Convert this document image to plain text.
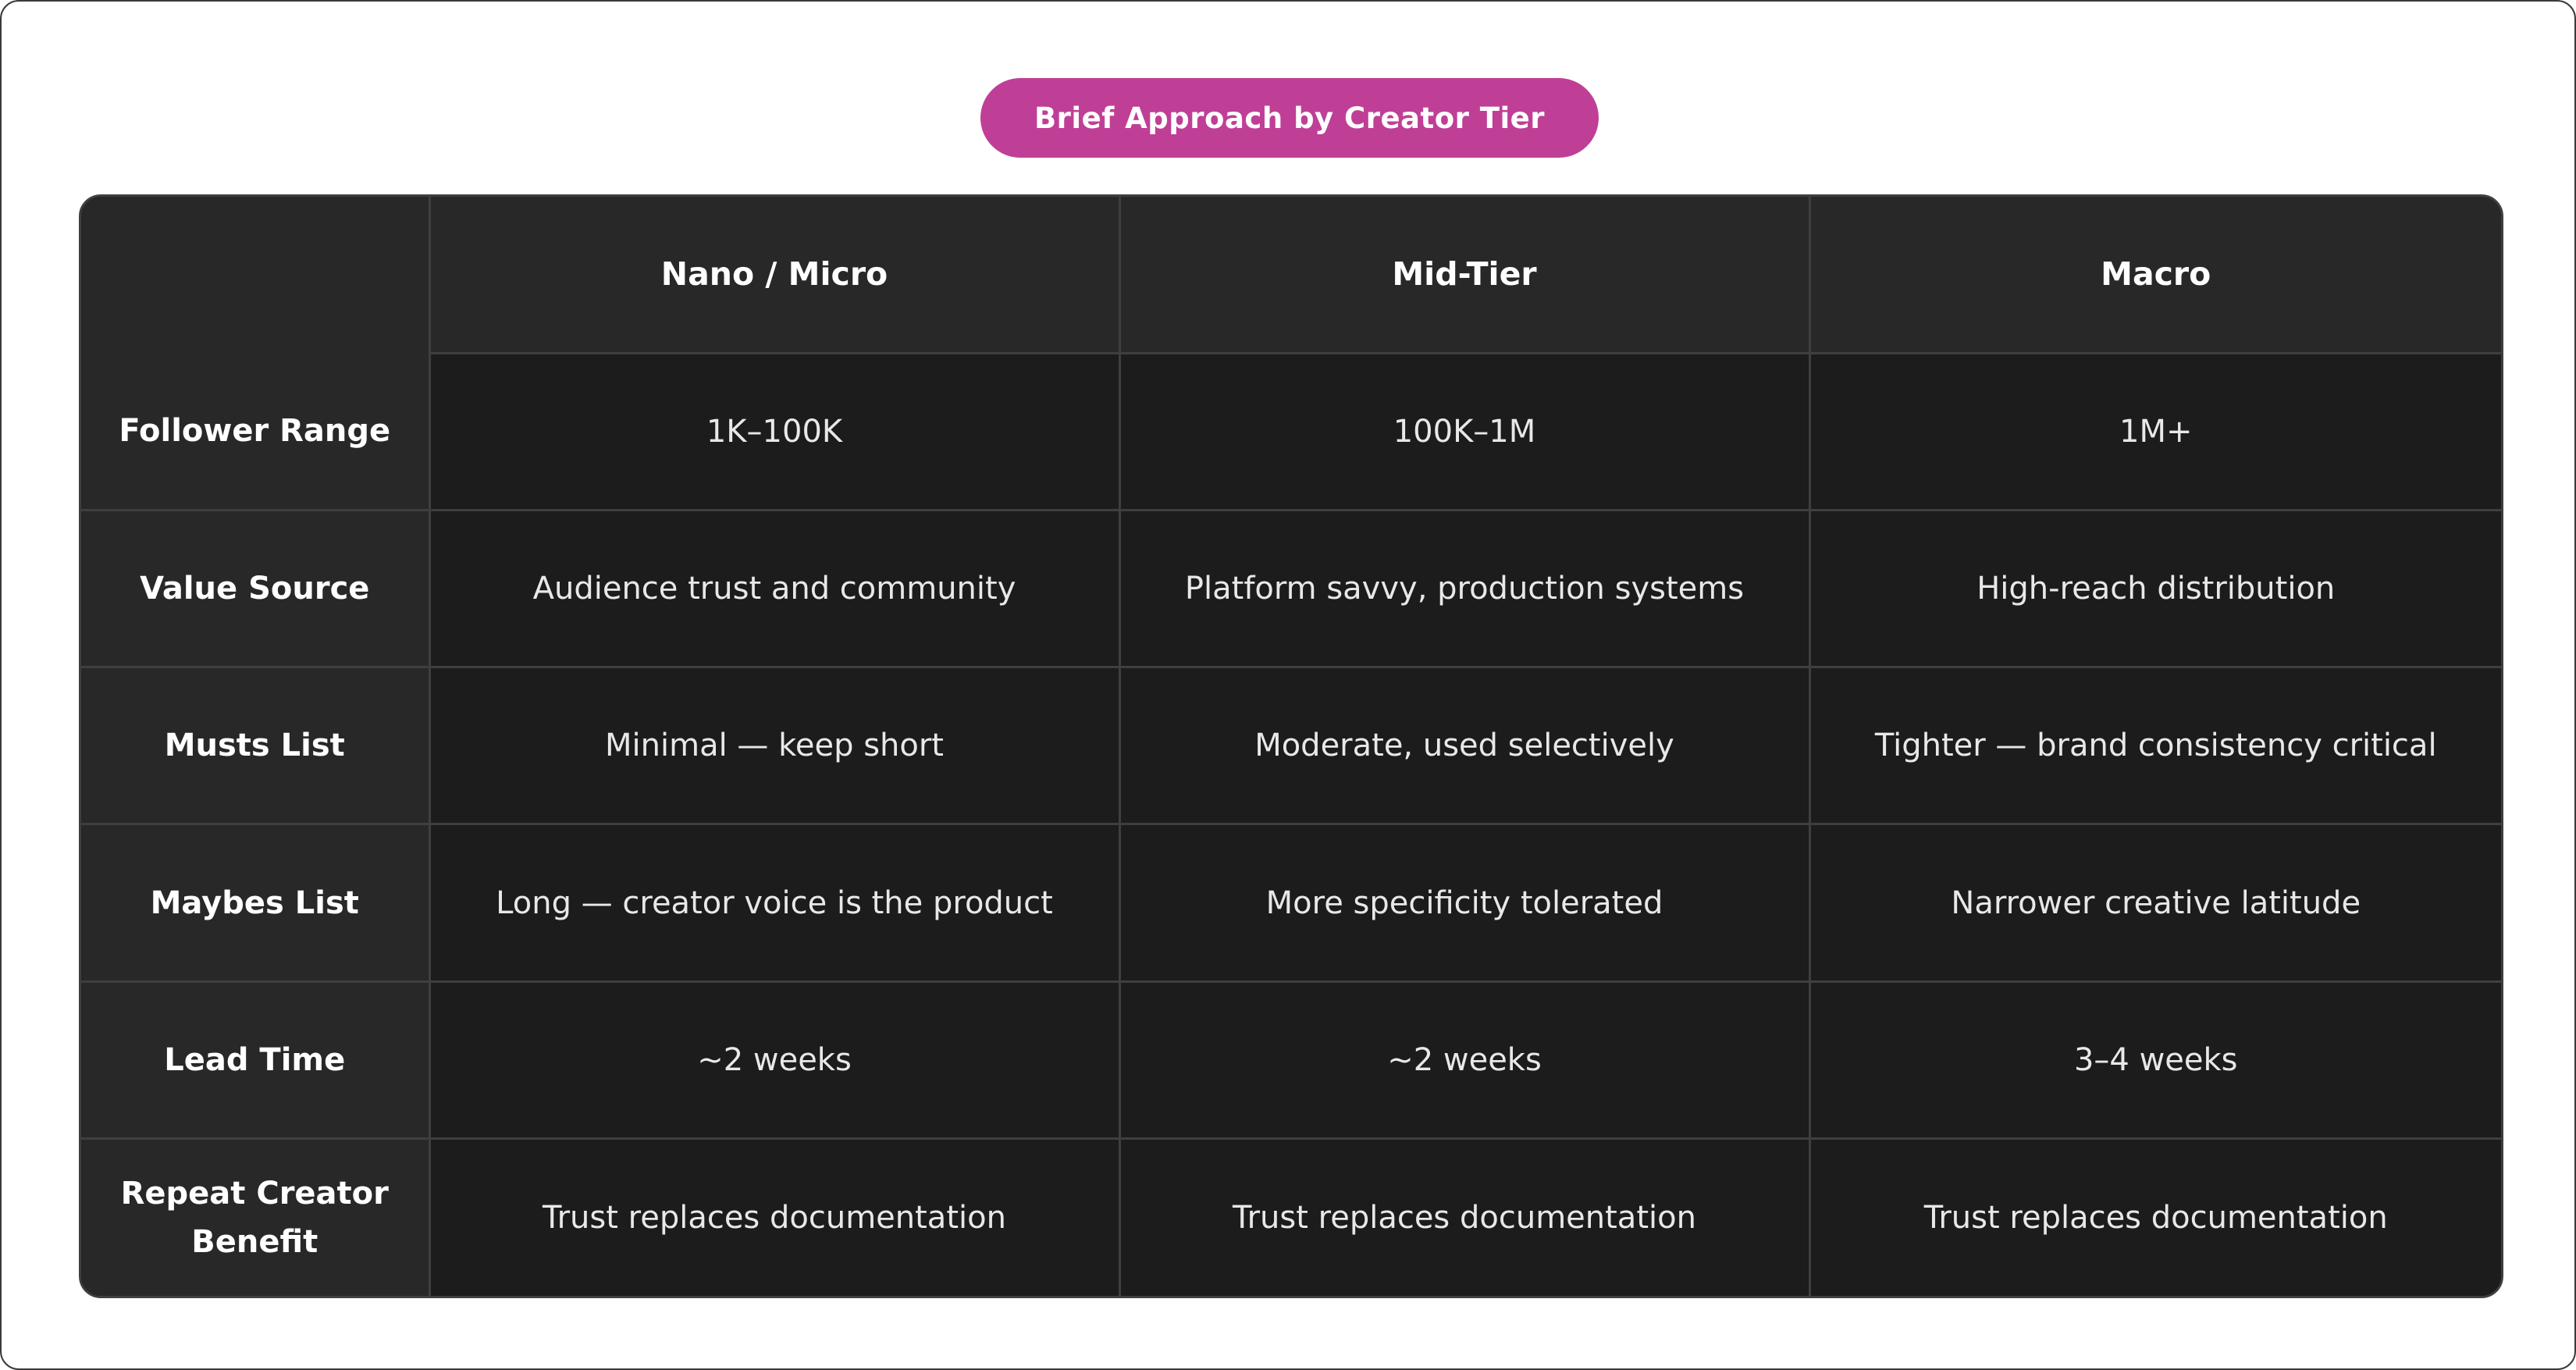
Brief Approach by Creator Tier
	Nano / Micro	Mid-Tier	Macro
Follower Range	1K–100K	100K–1M	1M+
Value Source	Audience trust and community	Platform savvy, production systems	High-reach distribution
Musts List	Minimal — keep short	Moderate, used selectively	Tighter — brand consistency critical
Maybes List	Long — creator voice is the product	More specificity tolerated	Narrower creative latitude
Lead Time	~2 weeks	~2 weeks	3–4 weeks
Repeat Creator Benefit	Trust replaces documentation	Trust replaces documentation	Trust replaces documentation
